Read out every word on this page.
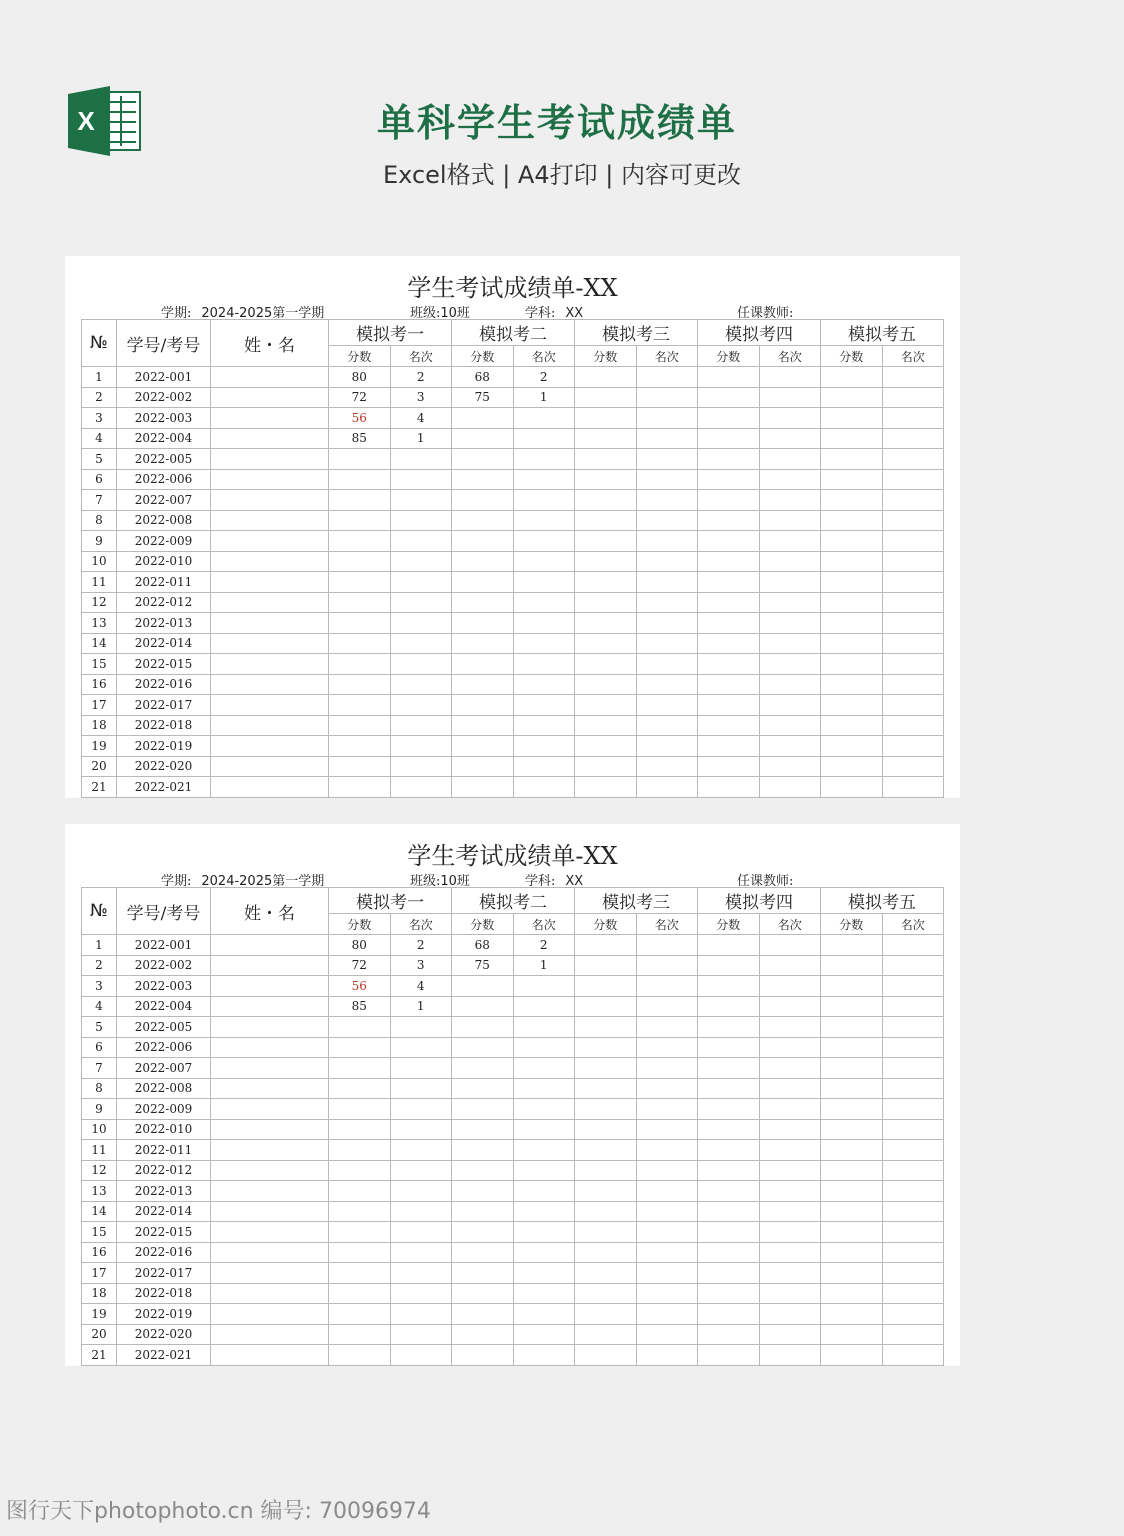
X	单科学生考试成绩单
Excel格式 | A4打印 | 内容可更改
学生考试成绩单-XX
学期: 2024-2025第一学期	班级:10班	学科: XX	任课教师:
№	学号/考号	姓・名	模拟考一		模拟考二		模拟考三		模拟考四		模拟考五	
			分数	名次	分数	名次	分数	名次	分数	名次	分数	名次
1	2022-001		80	2	68	2						
2	2022-002		72	3	75	1						
3	2022-003		56	4								
4	2022-004		85	1								
5	2022-005											
6	2022-006											
7	2022-007											
8	2022-008											
9	2022-009											
10	2022-010											
11	2022-011											
12	2022-012											
13	2022-013											
14	2022-014											
15	2022-015											
16	2022-016											
17	2022-017											
18	2022-018											
19	2022-019											
20	2022-020											
21	2022-021											
学生考试成绩单-XX
学期: 2024-2025第一学期	班级:10班	学科: XX	任课教师:
№	学号/考号	姓・名	模拟考一		模拟考二		模拟考三		模拟考四		模拟考五	
			分数	名次	分数	名次	分数	名次	分数	名次	分数	名次
1	2022-001		80	2	68	2						
2	2022-002		72	3	75	1						
3	2022-003		56	4								
4	2022-004		85	1								
5	2022-005											
6	2022-006											
7	2022-007											
8	2022-008											
9	2022-009											
10	2022-010											
11	2022-011											
12	2022-012											
13	2022-013											
14	2022-014											
15	2022-015											
16	2022-016											
17	2022-017											
18	2022-018											
19	2022-019											
20	2022-020											
21	2022-021											
图行天下photophoto.cn 编号: 70096974
